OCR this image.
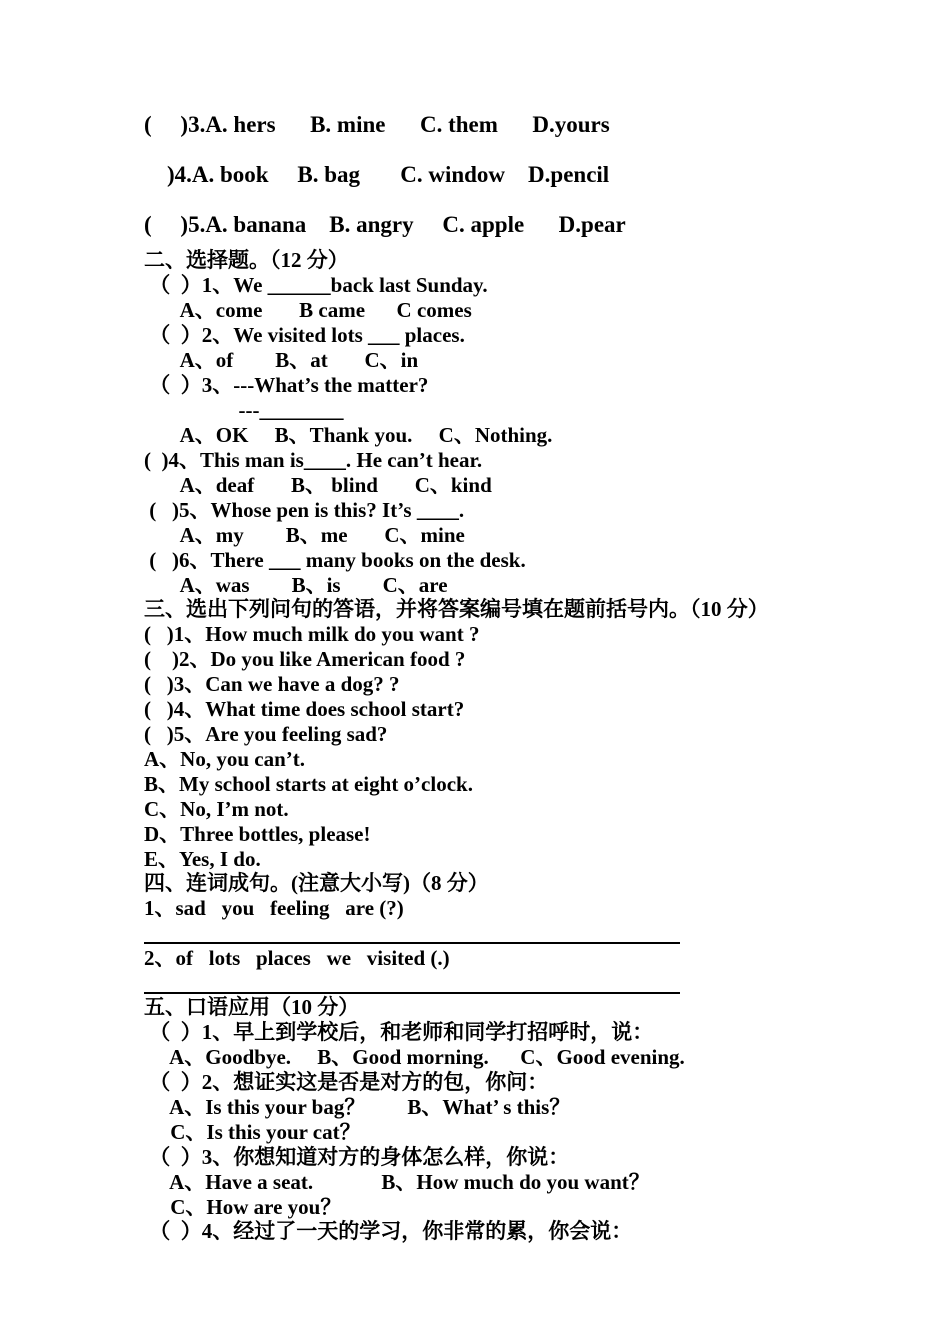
(     )3.A. hers      B. mine      C. them      D.yours
)4.A. book     B. bag       C. window    D.pencil
(     )5.A. banana    B. angry     C. apple      D.pear
二、选择题。（12 分）
（  ）1、We ______back last Sunday.
A、come       B came      C comes
（  ）2、We visited lots ___ places.
A、of        B、at       C、in
（  ）3、---What’s the matter?
---________
A、OK     B、Thank you.     C、Nothing.
(  )4、This man is____. He can’t hear.
A、deaf       B、 blind       C、kind
(   )5、Whose pen is this? It’s ____.
A、my        B、me       C、mine
(   )6、There ___ many books on the desk.
A、was        B、is        C、are
三、选出下列问句的答语，并将答案编号填在题前括号内。（10 分）
(   )1、How much milk do you want ?
(    )2、Do you like American food ?
(   )3、Can we have a dog? ?
(   )4、What time does school start?
(   )5、Are you feeling sad?
A、No, you can’t.
B、My school starts at eight o’clock.
C、No, I’m not.
D、Three bottles, please!
E、Yes, I do.
四、连词成句。(注意大小写)（8 分）
1、sad   you   feeling   are (?)
2、of   lots   places   we   visited (.)
五、口语应用（10 分）
（  ）1、早上到学校后，和老师和同学打招呼时，说：
A、Goodbye.     B、Good morning.      C、Good evening.
（  ）2、想证实这是否是对方的包，你问：
A、Is this your bag？        B、What’ s this？
C、Is this your cat？
（  ）3、你想知道对方的身体怎么样，你说：
A、Have a seat.             B、How much do you want？
C、How are you？
（  ）4、经过了一天的学习，你非常的累，你会说：
